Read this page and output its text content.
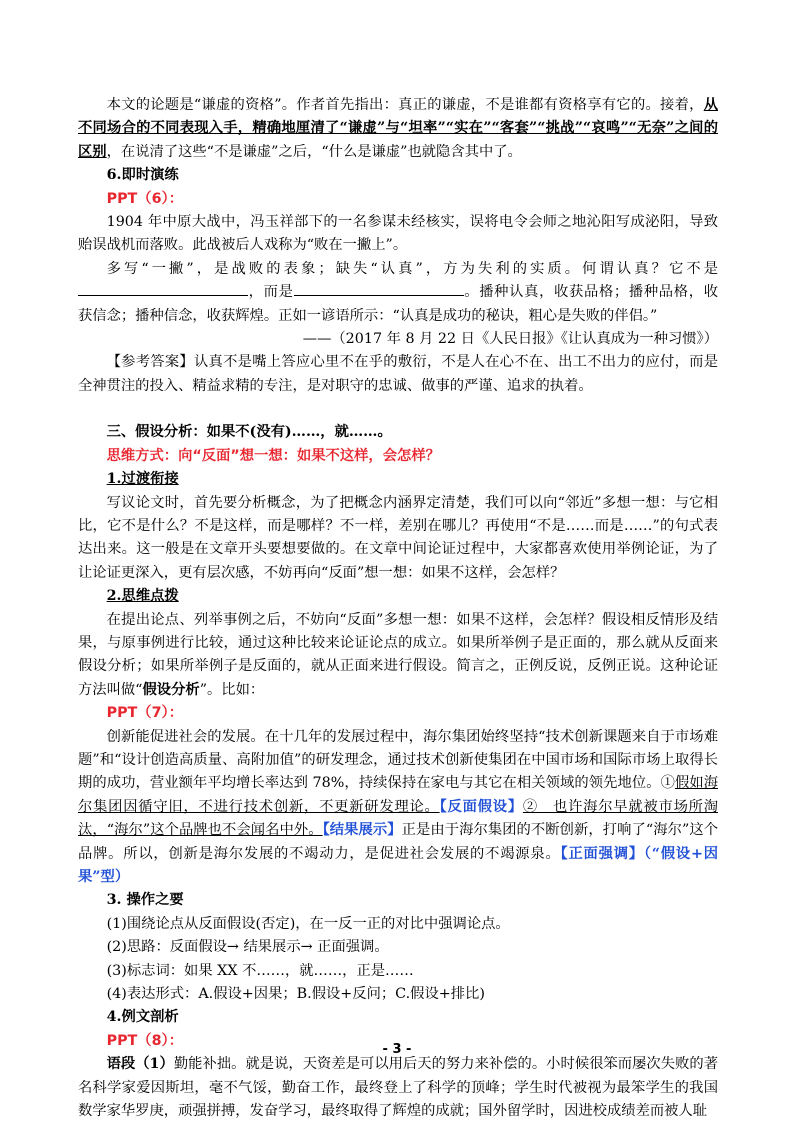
本文的论题是“谦虚的资格”。作者首先指出：真正的谦虚，不是谁都有资格享有它的。接着，从不同场合的不同表现入手，精确地厘清了“谦虚”与“坦率”“实在”“客套”“挑战”“哀鸣”“无奈”之间的区别，在说清了这些“不是谦虚”之后，“什么是谦虚”也就隐含其中了。

6.即时演练

PPT（6）：

1904 年中原大战中，冯玉祥部下的一名参谋未经核实，误将电令会师之地沁阳写成泌阳，导致贻误战机而落败。此战被后人戏称为“败在一撇上”。

多写“一撇”，是战败的表象；缺失“认真”，方为失利的实质。何谓认真？它不是，而是	。播种认真，收获品格；播种品格，收获信念；播种信念，收获辉煌。正如一谚语所示：“认真是成功的秘诀，粗心是失败的伴侣。”

——（2017 年 8 月 22 日《人民日报》《让认真成为一种习惯》）

【参考答案】认真不是嘴上答应心里不在乎的敷衍，不是人在心不在、出工不出力的应付，而是全神贯注的投入、精益求精的专注，是对职守的忠诚、做事的严谨、追求的执着。

三、假设分析：如果不(没有)……，就……。

思维方式：向“反面”想一想：如果不这样，会怎样？

1.过渡衔接

写议论文时，首先要分析概念，为了把概念内涵界定清楚，我们可以向“邻近”多想一想：与它相比，它不是什么？不是这样，而是哪样？不一样，差别在哪儿？再使用“不是……而是……”的句式表达出来。这一般是在文章开头要想要做的。在文章中间论证过程中，大家都喜欢使用举例论证，为了让论证更深入，更有层次感，不妨再向“反面”想一想：如果不这样，会怎样？

2.思维点拨

在提出论点、列举事例之后，不妨向“反面”多想一想：如果不这样，会怎样？假设相反情形及结果，与原事例进行比较，通过这种比较来论证论点的成立。如果所举例子是正面的，那么就从反面来假设分析；如果所举例子是反面的，就从正面来进行假设。简言之，正例反说，反例正说。这种论证方法叫做“假设分析”。比如：

PPT（7）：

创新能促进社会的发展。在十几年的发展过程中，海尔集团始终坚持“技术创新课题来自于市场难题”和“设计创造高质量、高附加值”的研发理念，通过技术创新使集团在中国市场和国际市场上取得长期的成功，营业额年平均增长率达到 78%，持续保持在家电与其它在相关领域的领先地位。①假如海尔集团因循守旧，不进行技术创新，不更新研发理论。【反面假设】②　也许海尔早就被市场所淘汰，“海尔”这个品牌也不会闻名中外。【结果展示】正是由于海尔集团的不断创新，打响了“海尔”这个品牌。所以，创新是海尔发展的不竭动力，是促进社会发展的不竭源泉。【正面强调】（“假设+因果”型）

3. 操作之要

(1)围绕论点从反面假设(否定)，在一反一正的对比中强调论点。

(2)思路：反面假设→ 结果展示→ 正面强调。

(3)标志词：如果 XX 不……，就……，正是……

(4)表达形式：A.假设+因果；B.假设+反问；C.假设+排比)

4.例文剖析

PPT（8）：

语段（1）勤能补拙。就是说，天资差是可以用后天的努力来补偿的。小时候很笨而屡次失败的著名科学家爱因斯坦，毫不气馁，勤奋工作，最终登上了科学的顶峰；学生时代被视为最笨学生的我国数学家华罗庚，顽强拼搏，发奋学习，最终取得了辉煌的成就；国外留学时，因进校成绩差而被人耻

- 3 -
